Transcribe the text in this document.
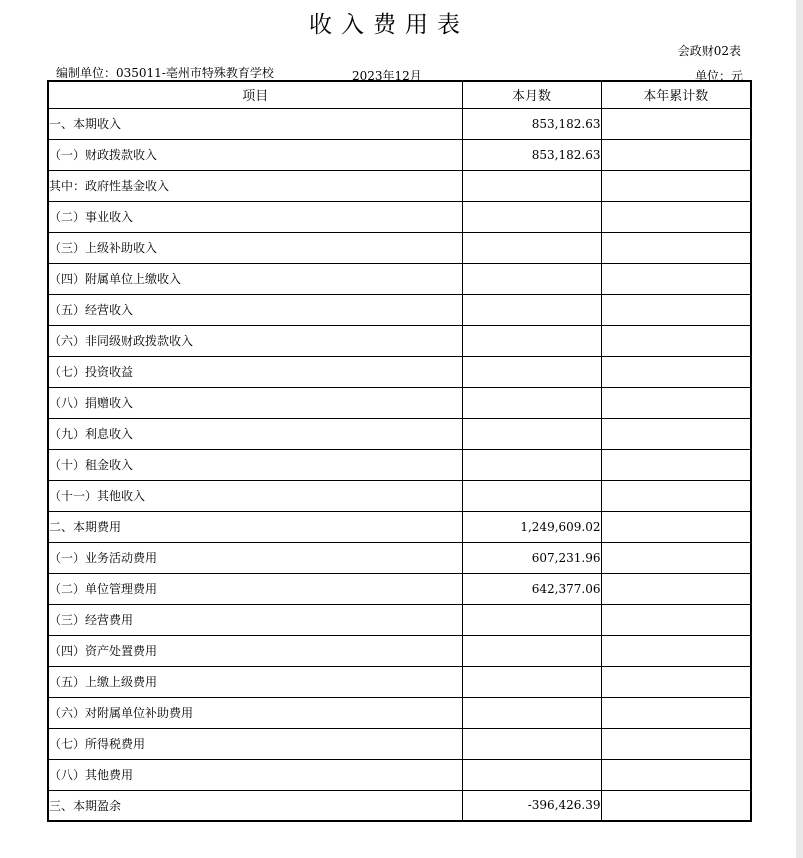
收入费用表
会政财02表
编制单位：035011-亳州市特殊教育学校	2023年12月	单位：元
项目	本月数	本年累计数
一、本期收入	853,182.63	
（一）财政拨款收入	853,182.63	
其中：政府性基金收入		
（二）事业收入		
（三）上级补助收入		
（四）附属单位上缴收入		
（五）经营收入		
（六）非同级财政拨款收入		
（七）投资收益		
（八）捐赠收入		
（九）利息收入		
（十）租金收入		
（十一）其他收入		
二、本期费用	1,249,609.02	
（一）业务活动费用	607,231.96	
（二）单位管理费用	642,377.06	
（三）经营费用		
（四）资产处置费用		
（五）上缴上级费用		
（六）对附属单位补助费用		
（七）所得税费用		
（八）其他费用		
三、本期盈余	-396,426.39	
